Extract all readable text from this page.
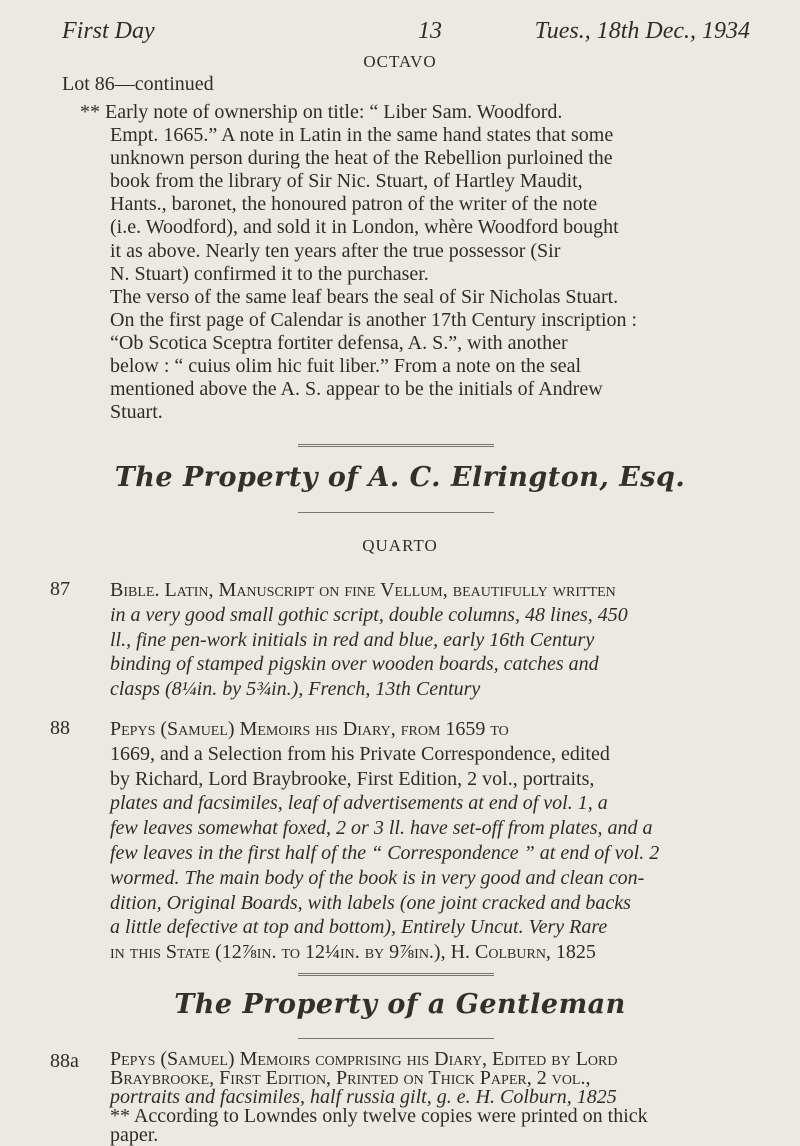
First Day	13	Tues., 18th Dec., 1934
OCTAVO
Lot 86—continued
** Early note of ownership on title: “ Liber Sam. Woodford.
Empt. 1665.” A note in Latin in the same hand states that some
unknown person during the heat of the Rebellion purloined the
book from the library of Sir Nic. Stuart, of Hartley Maudit,
Hants., baronet, the honoured patron of the writer of the note
(i.e. Woodford), and sold it in London, whère Woodford bought
it as above. Nearly ten years after the true possessor (Sir
N. Stuart) confirmed it to the purchaser.
The verso of the same leaf bears the seal of Sir Nicholas Stuart.
On the first page of Calendar is another 17th Century inscription :
“Ob Scotica Sceptra fortiter defensa, A. S.”, with another
below : “ cuius olim hic fuit liber.” From a note on the seal
mentioned above the A. S. appear to be the initials of Andrew
Stuart.
The Property of A. C. Elrington, Esq.
QUARTO
87 Bible. Latin, Manuscript on fine Vellum, beautifully written
in a very good small gothic script, double columns, 48 lines, 450
ll., fine pen-work initials in red and blue, early 16th Century
binding of stamped pigskin over wooden boards, catches and
clasps (8¼in. by 5¾in.), French, 13th Century
88 Pepys (Samuel) Memoirs his Diary, from 1659 to
1669, and a Selection from his Private Correspondence, edited
by Richard, Lord Braybrooke, First Edition, 2 vol., portraits,
plates and facsimiles, leaf of advertisements at end of vol. 1, a
few leaves somewhat foxed, 2 or 3 ll. have set-off from plates, and a
few leaves in the first half of the “ Correspondence ” at end of vol. 2
wormed. The main body of the book is in very good and clean con-
dition, Original Boards, with labels (one joint cracked and backs
a little defective at top and bottom), Entirely Uncut. Very Rare
in this State (12⅞in. to 12¼in. by 9⅞in.), H. Colburn, 1825
The Property of a Gentleman
88a Pepys (Samuel) Memoirs comprising his Diary, Edited by Lord
Braybrooke, First Edition, Printed on Thick Paper, 2 vol.,
portraits and facsimiles, half russia gilt, g. e. H. Colburn, 1825
** According to Lowndes only twelve copies were printed on thick
paper.
